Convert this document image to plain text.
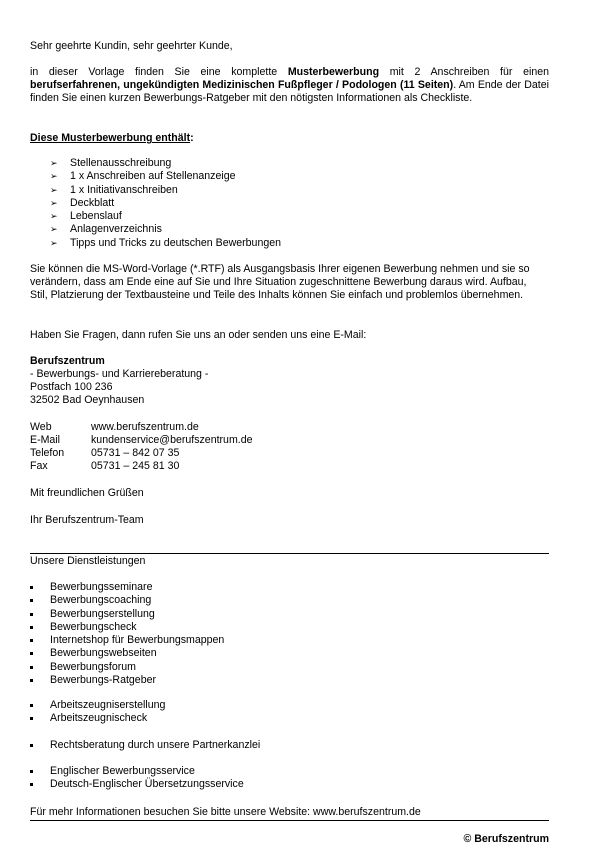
Sehr geehrte Kundin, sehr geehrter Kunde,

in dieser Vorlage finden Sie eine komplette Musterbewerbung mit 2 Anschreiben für einen berufserfahrenen, ungekündigten Medizinischen Fußpfleger / Podologen (11 Seiten). Am Ende der Datei finden Sie einen kurzen Bewerbungs-Ratgeber mit den nötigsten Informationen als Checkliste.

Diese Musterbewerbung enthält:

➢ Stellenausschreibung
➢ 1 x Anschreiben auf Stellenanzeige
➢ 1 x Initiativanschreiben
➢ Deckblatt
➢ Lebenslauf
➢ Anlagenverzeichnis
➢ Tipps und Tricks zu deutschen Bewerbungen

Sie können die MS-Word-Vorlage (*.RTF) als Ausgangsbasis Ihrer eigenen Bewerbung nehmen und sie so verändern, dass am Ende eine auf Sie und Ihre Situation zugeschnittene Bewerbung daraus wird. Aufbau, Stil, Platzierung der Textbausteine und Teile des Inhalts können Sie einfach und problemlos übernehmen.

Haben Sie Fragen, dann rufen Sie uns an oder senden uns eine E-Mail:

Berufszentrum

- Bewerbungs- und Karriereberatung -

Postfach 100 236

32502 Bad Oeynhausen

Web	www.berufszentrum.de
E-Mail	kundenservice@berufszentrum.de
Telefon	05731 – 842 07 35
Fax	05731 – 245 81 30

Mit freundlichen Grüßen

Ihr Berufszentrum-Team

Unsere Dienstleistungen

Bewerbungsseminare
Bewerbungscoaching
Bewerbungserstellung
Bewerbungscheck
Internetshop für Bewerbungsmappen
Bewerbungswebseiten
Bewerbungsforum
Bewerbungs-Ratgeber
Arbeitszeugniserstellung
Arbeitszeugnischeck
Rechtsberatung durch unsere Partnerkanzlei
Englischer Bewerbungsservice
Deutsch-Englischer Übersetzungsservice

Für mehr Informationen besuchen Sie bitte unsere Website: www.berufszentrum.de

© Berufszentrum
